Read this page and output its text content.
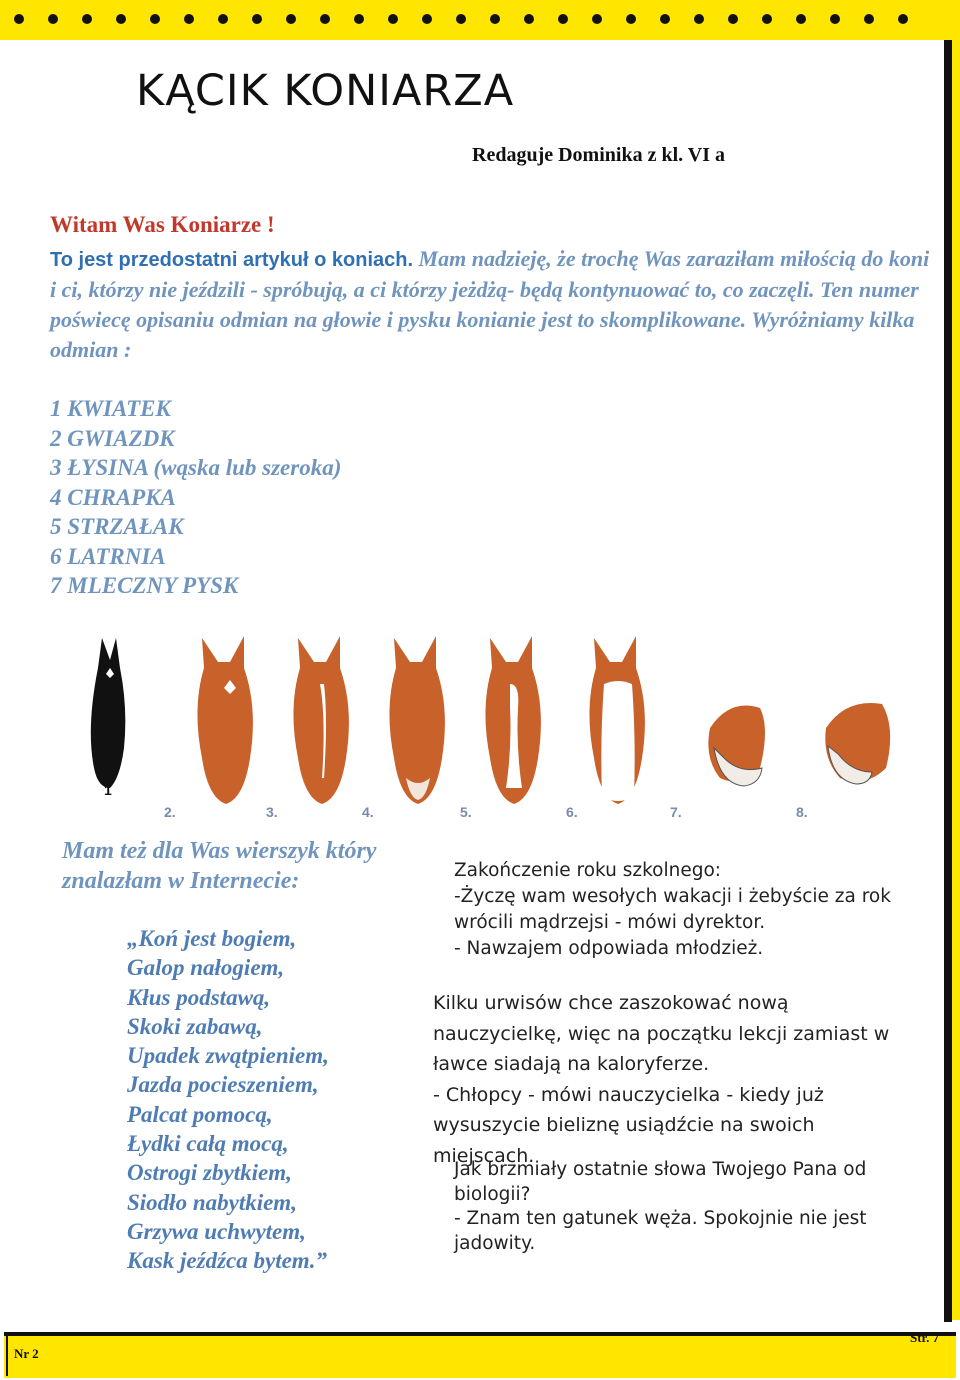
KĄCIK KONIARZA
Redaguje Dominika z kl. VI a
Witam Was Koniarze !
To jest przedostatni artykuł o koniach. Mam nadzieję, że trochę Was zaraziłam miłością do koni i ci, którzy nie jeździli - spróbują, a ci którzy jeżdżą- będą kontynuować to, co zaczęli. Ten numer poświecę opisaniu odmian na głowie i pysku konianie jest to skomplikowane. Wyróżniamy kilka odmian :
1 KWIATEK
2 GWIAZDK
3 ŁYSINA (wąska lub szeroka)
4 CHRAPKA
5 STRZAŁAK
6 LATRNIA
7 MLECZNY PYSK
1
2.	3.	4.	5.	6.	7.	8.
Mam też dla Was wierszyk który znalazłam w Internecie:
„Koń jest bogiem,
Galop nałogiem,
Kłus podstawą,
Skoki zabawą,
Upadek zwątpieniem,
Jazda pocieszeniem,
Palcat pomocą,
Łydki całą mocą,
Ostrogi zbytkiem,
Siodło nabytkiem,
Grzywa uchwytem,
Kask jeźdźca bytem.”

Zakończenie roku szkolnego:

-Życzę wam wesołych wakacji i żebyście za rok wrócili mądrzejsi - mówi dyrektor.

- Nawzajem odpowiada młodzież.

Kilku urwisów chce zaszokować nową nauczycielkę, więc na początku lekcji zamiast w ławce siadają na kaloryferze.

- Chłopcy - mówi nauczycielka - kiedy już wysuszycie bieliznę usiądźcie na swoich miejscach.

Jak brzmiały ostatnie słowa Twojego Pana od biologii?

- Znam ten gatunek węża. Spokojnie nie jest jadowity.

Nr 2
Str. 7
